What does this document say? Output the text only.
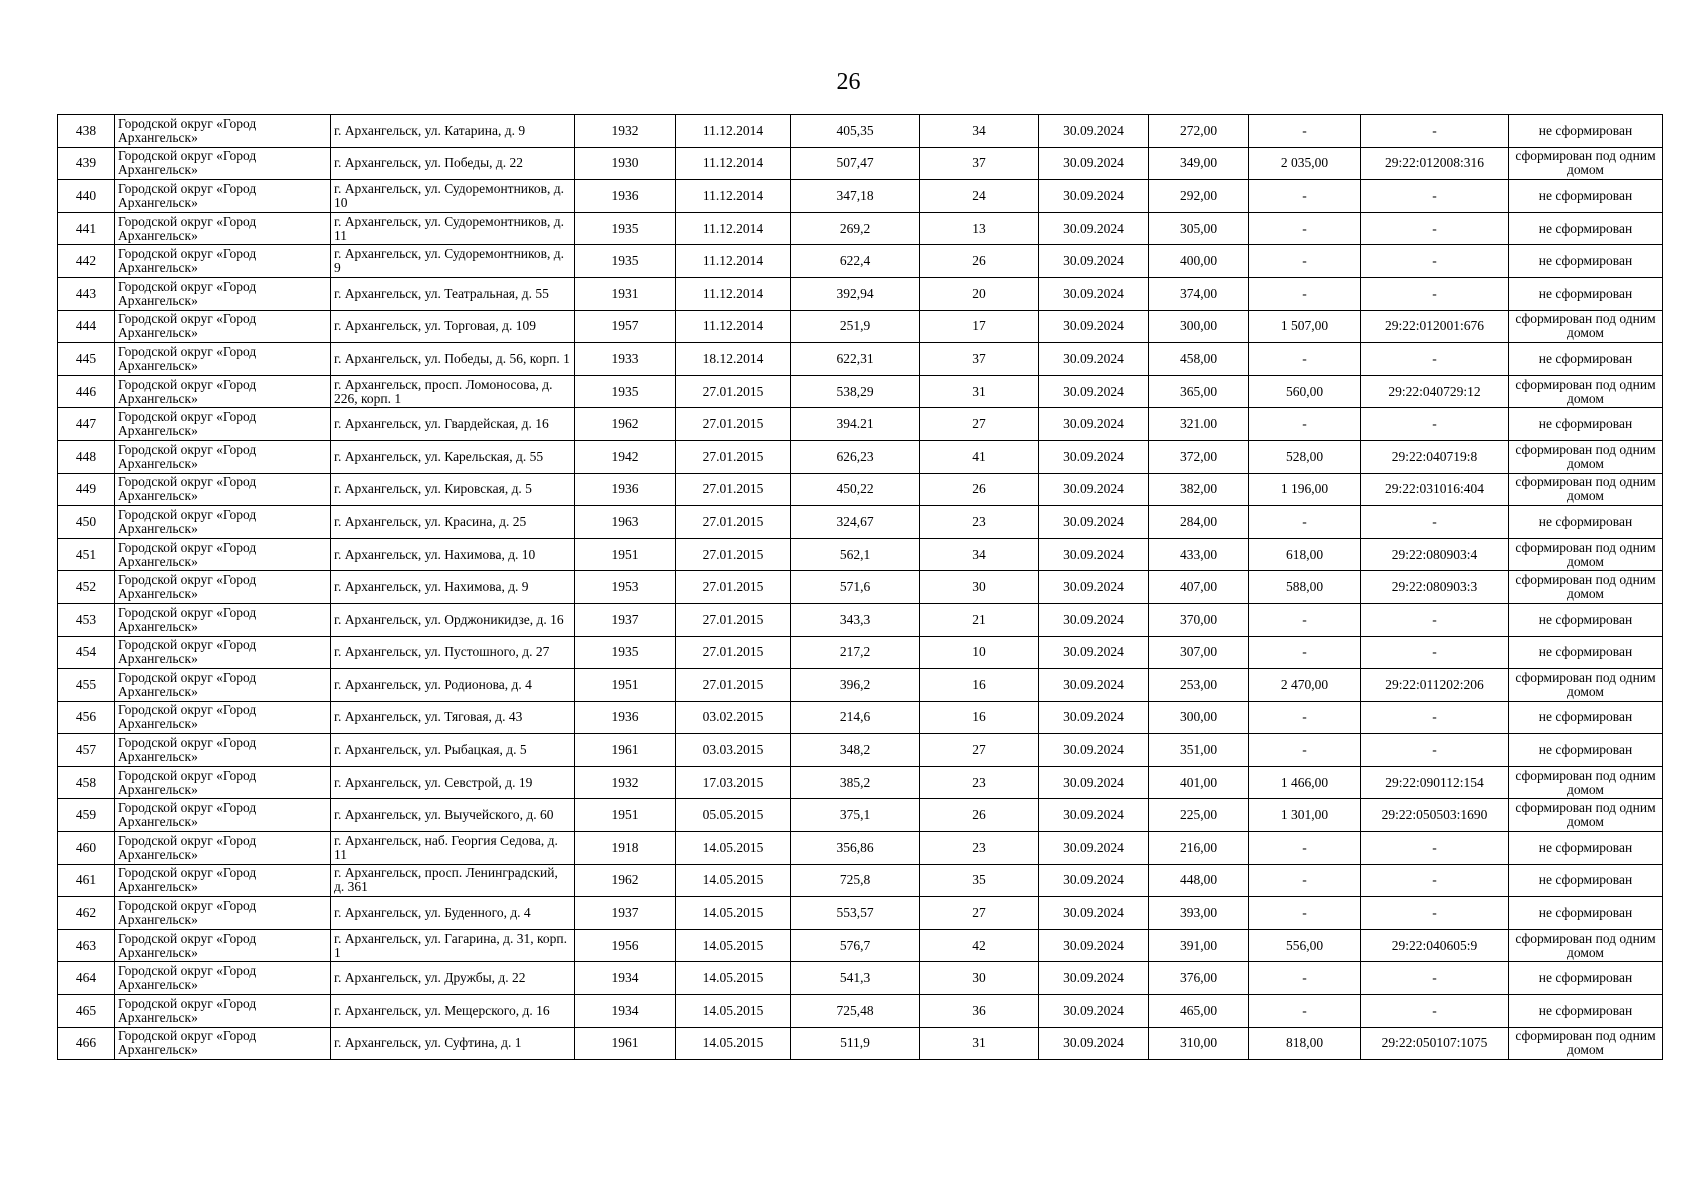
26
438	Городской округ «Город Архангельск»	г. Архангельск, ул. Катарина, д. 9	1932	11.12.2014	405,35	34	30.09.2024	272,00	-	-	не сформирован
439	Городской округ «Город Архангельск»	г. Архангельск, ул. Победы, д. 22	1930	11.12.2014	507,47	37	30.09.2024	349,00	2 035,00	29:22:012008:316	сформирован под одним домом
440	Городской округ «Город Архангельск»	г. Архангельск, ул. Судоремонтников, д. 10	1936	11.12.2014	347,18	24	30.09.2024	292,00	-	-	не сформирован
441	Городской округ «Город Архангельск»	г. Архангельск, ул. Судоремонтников, д. 11	1935	11.12.2014	269,2	13	30.09.2024	305,00	-	-	не сформирован
442	Городской округ «Город Архангельск»	г. Архангельск, ул. Судоремонтников, д. 9	1935	11.12.2014	622,4	26	30.09.2024	400,00	-	-	не сформирован
443	Городской округ «Город Архангельск»	г. Архангельск, ул. Театральная, д. 55	1931	11.12.2014	392,94	20	30.09.2024	374,00	-	-	не сформирован
444	Городской округ «Город Архангельск»	г. Архангельск, ул. Торговая, д. 109	1957	11.12.2014	251,9	17	30.09.2024	300,00	1 507,00	29:22:012001:676	сформирован под одним домом
445	Городской округ «Город Архангельск»	г. Архангельск, ул. Победы, д. 56, корп. 1	1933	18.12.2014	622,31	37	30.09.2024	458,00	-	-	не сформирован
446	Городской округ «Город Архангельск»	г. Архангельск, просп. Ломоносова, д. 226, корп. 1	1935	27.01.2015	538,29	31	30.09.2024	365,00	560,00	29:22:040729:12	сформирован под одним домом
447	Городской округ «Город Архангельск»	г. Архангельск, ул. Гвардейская, д. 16	1962	27.01.2015	394.21	27	30.09.2024	321.00	-	-	не сформирован
448	Городской округ «Город Архангельск»	г. Архангельск, ул. Карельская, д. 55	1942	27.01.2015	626,23	41	30.09.2024	372,00	528,00	29:22:040719:8	сформирован под одним домом
449	Городской округ «Город Архангельск»	г. Архангельск, ул. Кировская, д. 5	1936	27.01.2015	450,22	26	30.09.2024	382,00	1 196,00	29:22:031016:404	сформирован под одним домом
450	Городской округ «Город Архангельск»	г. Архангельск, ул. Красина, д. 25	1963	27.01.2015	324,67	23	30.09.2024	284,00	-	-	не сформирован
451	Городской округ «Город Архангельск»	г. Архангельск, ул. Нахимова, д. 10	1951	27.01.2015	562,1	34	30.09.2024	433,00	618,00	29:22:080903:4	сформирован под одним домом
452	Городской округ «Город Архангельск»	г. Архангельск, ул. Нахимова, д. 9	1953	27.01.2015	571,6	30	30.09.2024	407,00	588,00	29:22:080903:3	сформирован под одним домом
453	Городской округ «Город Архангельск»	г. Архангельск, ул. Орджоникидзе, д. 16	1937	27.01.2015	343,3	21	30.09.2024	370,00	-	-	не сформирован
454	Городской округ «Город Архангельск»	г. Архангельск, ул. Пустошного, д. 27	1935	27.01.2015	217,2	10	30.09.2024	307,00	-	-	не сформирован
455	Городской округ «Город Архангельск»	г. Архангельск, ул. Родионова, д. 4	1951	27.01.2015	396,2	16	30.09.2024	253,00	2 470,00	29:22:011202:206	сформирован под одним домом
456	Городской округ «Город Архангельск»	г. Архангельск, ул. Тяговая, д. 43	1936	03.02.2015	214,6	16	30.09.2024	300,00	-	-	не сформирован
457	Городской округ «Город Архангельск»	г. Архангельск, ул. Рыбацкая, д. 5	1961	03.03.2015	348,2	27	30.09.2024	351,00	-	-	не сформирован
458	Городской округ «Город Архангельск»	г. Архангельск, ул. Севстрой, д. 19	1932	17.03.2015	385,2	23	30.09.2024	401,00	1 466,00	29:22:090112:154	сформирован под одним домом
459	Городской округ «Город Архангельск»	г. Архангельск, ул. Выучейского, д. 60	1951	05.05.2015	375,1	26	30.09.2024	225,00	1 301,00	29:22:050503:1690	сформирован под одним домом
460	Городской округ «Город Архангельск»	г. Архангельск, наб. Георгия Седова, д. 11	1918	14.05.2015	356,86	23	30.09.2024	216,00	-	-	не сформирован
461	Городской округ «Город Архангельск»	г. Архангельск, просп. Ленинградский, д. 361	1962	14.05.2015	725,8	35	30.09.2024	448,00	-	-	не сформирован
462	Городской округ «Город Архангельск»	г. Архангельск, ул. Буденного, д. 4	1937	14.05.2015	553,57	27	30.09.2024	393,00	-	-	не сформирован
463	Городской округ «Город Архангельск»	г. Архангельск, ул. Гагарина, д. 31, корп. 1	1956	14.05.2015	576,7	42	30.09.2024	391,00	556,00	29:22:040605:9	сформирован под одним домом
464	Городской округ «Город Архангельск»	г. Архангельск, ул. Дружбы, д. 22	1934	14.05.2015	541,3	30	30.09.2024	376,00	-	-	не сформирован
465	Городской округ «Город Архангельск»	г. Архангельск, ул. Мещерского, д. 16	1934	14.05.2015	725,48	36	30.09.2024	465,00	-	-	не сформирован
466	Городской округ «Город Архангельск»	г. Архангельск, ул. Суфтина, д. 1	1961	14.05.2015	511,9	31	30.09.2024	310,00	818,00	29:22:050107:1075	сформирован под одним домом
